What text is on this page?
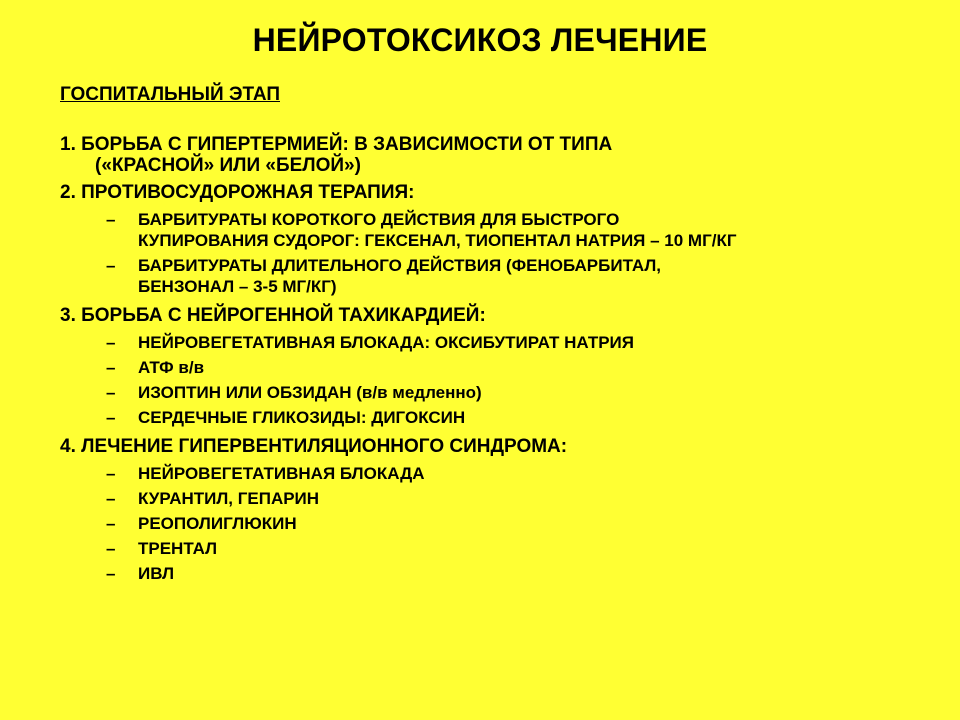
НЕЙРОТОКСИКОЗ ЛЕЧЕНИЕ
ГОСПИТАЛЬНЫЙ ЭТАП
1. БОРЬБА С ГИПЕРТЕРМИЕЙ: В ЗАВИСИМОСТИ ОТ ТИПА
(«КРАСНОЙ» ИЛИ «БЕЛОЙ»)
2. ПРОТИВОСУДОРОЖНАЯ ТЕРАПИЯ:
– БАРБИТУРАТЫ КОРОТКОГО ДЕЙСТВИЯ ДЛЯ БЫСТРОГО
КУПИРОВАНИЯ СУДОРОГ: ГЕКСЕНАЛ, ТИОПЕНТАЛ НАТРИЯ – 10 МГ/КГ
– БАРБИТУРАТЫ ДЛИТЕЛЬНОГО ДЕЙСТВИЯ (ФЕНОБАРБИТАЛ,
БЕНЗОНАЛ – 3-5 МГ/КГ)
3. БОРЬБА С НЕЙРОГЕННОЙ ТАХИКАРДИЕЙ:
– НЕЙРОВЕГЕТАТИВНАЯ БЛОКАДА: ОКСИБУТИРАТ НАТРИЯ
– АТФ в/в
– ИЗОПТИН ИЛИ ОБЗИДАН (в/в медленно)
– СЕРДЕЧНЫЕ ГЛИКОЗИДЫ: ДИГОКСИН
4. ЛЕЧЕНИЕ ГИПЕРВЕНТИЛЯЦИОННОГО СИНДРОМА:
– НЕЙРОВЕГЕТАТИВНАЯ БЛОКАДА
– КУРАНТИЛ, ГЕПАРИН
– РЕОПОЛИГЛЮКИН
– ТРЕНТАЛ
– ИВЛ
